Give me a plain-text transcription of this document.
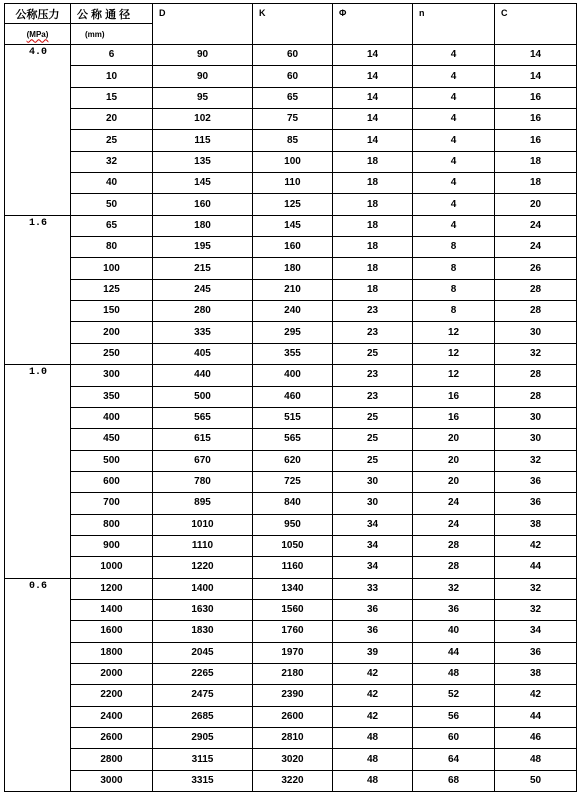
公称压力	公 称 通 径	D	K	Φ	n	C
(MPa)	(mm)					
4.0	6	90	60	14	4	14
	10	90	60	14	4	14
	15	95	65	14	4	16
	20	102	75	14	4	16
	25	115	85	14	4	16
	32	135	100	18	4	18
	40	145	110	18	4	18
	50	160	125	18	4	20
1.6	65	180	145	18	4	24
	80	195	160	18	8	24
	100	215	180	18	8	26
	125	245	210	18	8	28
	150	280	240	23	8	28
	200	335	295	23	12	30
	250	405	355	25	12	32
1.0	300	440	400	23	12	28
	350	500	460	23	16	28
	400	565	515	25	16	30
	450	615	565	25	20	30
	500	670	620	25	20	32
	600	780	725	30	20	36
	700	895	840	30	24	36
	800	1010	950	34	24	38
	900	1110	1050	34	28	42
	1000	1220	1160	34	28	44
0.6	1200	1400	1340	33	32	32
	1400	1630	1560	36	36	32
	1600	1830	1760	36	40	34
	1800	2045	1970	39	44	36
	2000	2265	2180	42	48	38
	2200	2475	2390	42	52	42
	2400	2685	2600	42	56	44
	2600	2905	2810	48	60	46
	2800	3115	3020	48	64	48
	3000	3315	3220	48	68	50
